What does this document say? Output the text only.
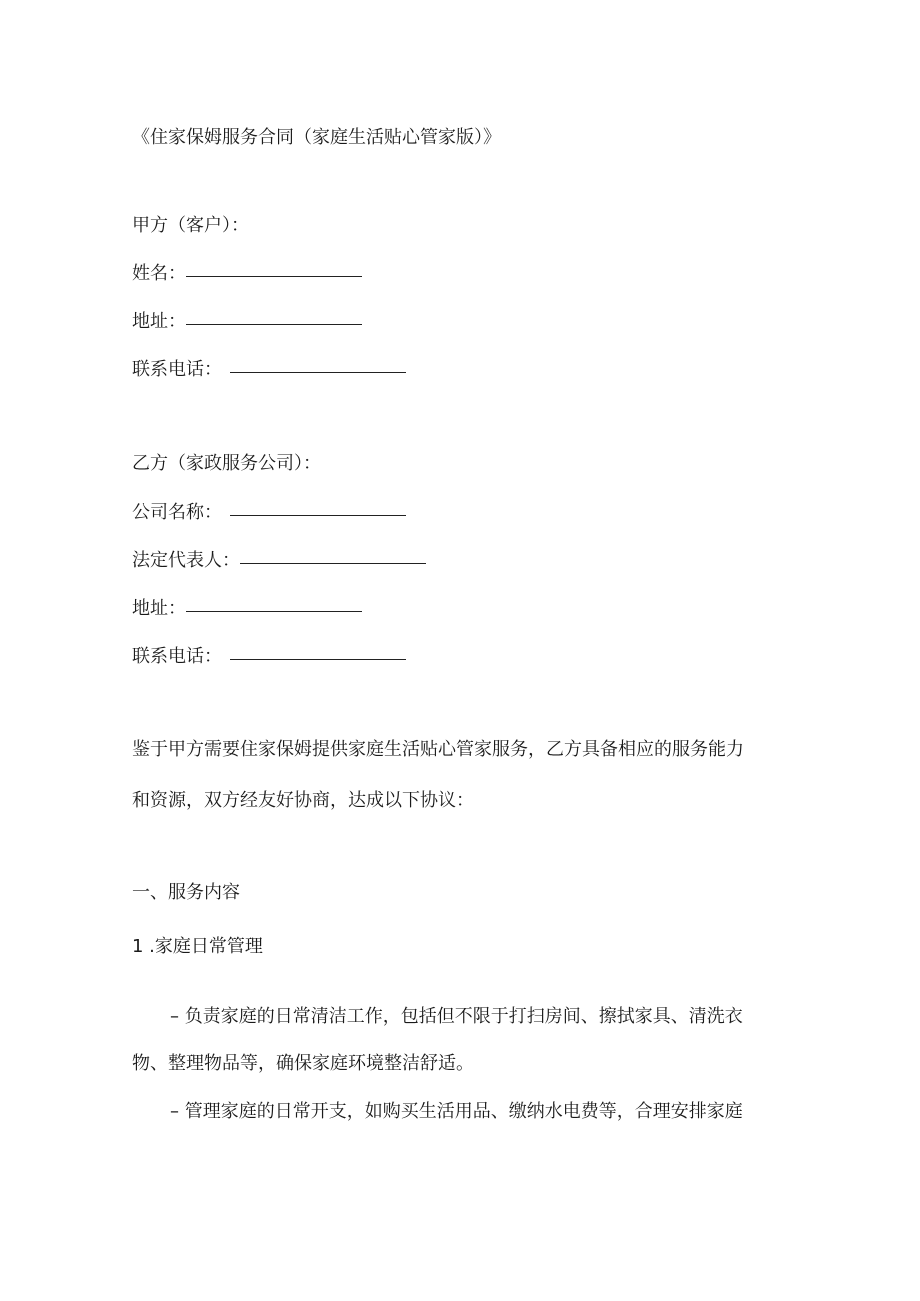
《住家保姆服务合同（家庭生活贴心管家版）》
甲方（客户）：
姓名：
地址：
联系电话：
乙方（家政服务公司）：
公司名称：
法定代表人：
地址：
联系电话：
鉴于甲方需要住家保姆提供家庭生活贴心管家服务，乙方具备相应的服务能力
和资源，双方经友好协商，达成以下协议：
一、服务内容
1 .家庭日常管理
– 负责家庭的日常清洁工作，包括但不限于打扫房间、擦拭家具、清洗衣
物、整理物品等，确保家庭环境整洁舒适。
– 管理家庭的日常开支，如购买生活用品、缴纳水电费等，合理安排家庭
